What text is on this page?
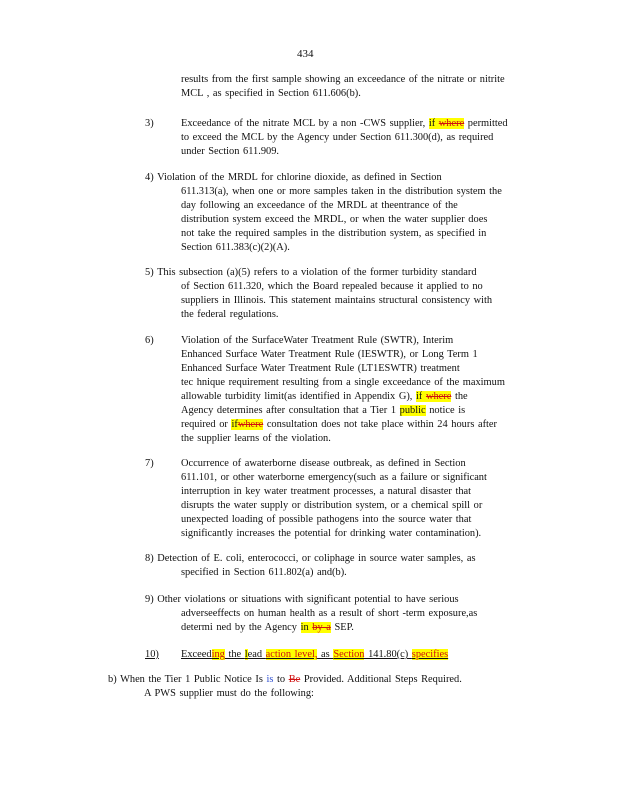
434
results from the first sample showing an exceedance of the nitrate or nitrite
MCL , as specified in Section 611.606(b).
3)	Exceedance of the nitrate MCL by a non -CWS supplier, if where permitted
to exceed the MCL by the Agency under Section 611.300(d), as required
under Section 611.909.
4) Violation of the MRDL for chlorine dioxide, as defined in Section
611.313(a), when one or more samples taken in the distribution system the
day following an exceedance of the MRDL at theentrance of the
distribution system exceed the MRDL, or when the water supplier does
not take the required samples in the distribution system, as specified in
Section 611.383(c)(2)(A).
5) This subsection (a)(5) refers to a violation of the former turbidity standard
of Section 611.320, which the Board repealed because it applied to no
suppliers in Illinois. This statement maintains structural consistency with
the federal regulations.
6)	Violation of the SurfaceWater Treatment Rule (SWTR), Interim
Enhanced Surface Water Treatment Rule (IESWTR), or Long Term 1
Enhanced Surface Water Treatment Rule (LT1ESWTR) treatment
tec hnique requirement resulting from a single exceedance of the maximum
allowable turbidity limit(as identified in Appendix G), if where the
Agency determines after consultation that a Tier 1 public notice is
required or ifwhere consultation does not take place within 24 hours after
the supplier learns of the violation.
7)	Occurrence of awaterborne disease outbreak, as defined in Section
611.101, or other waterborne emergency(such as a failure or significant
interruption in key water treatment processes, a natural disaster that
disrupts the water supply or distribution system, or a chemical spill or
unexpected loading of possible pathogens into the source water that
significantly increases the potential for drinking water contamination).
8) Detection of E. coli, enterococci, or coliphage in source water samples, as
specified in Section 611.802(a) and(b).
9) Other violations or situations with significant potential to have serious
adverseeffects on human health as a result of short -term exposure,as
determi ned by the Agency in by a SEP.
10) Exceeding the lead action level, as Section 141.80(c) specifies
b) When the Tier 1 Public Notice Is is to Be Provided. Additional Steps Required.
A PWS supplier must do the following:
